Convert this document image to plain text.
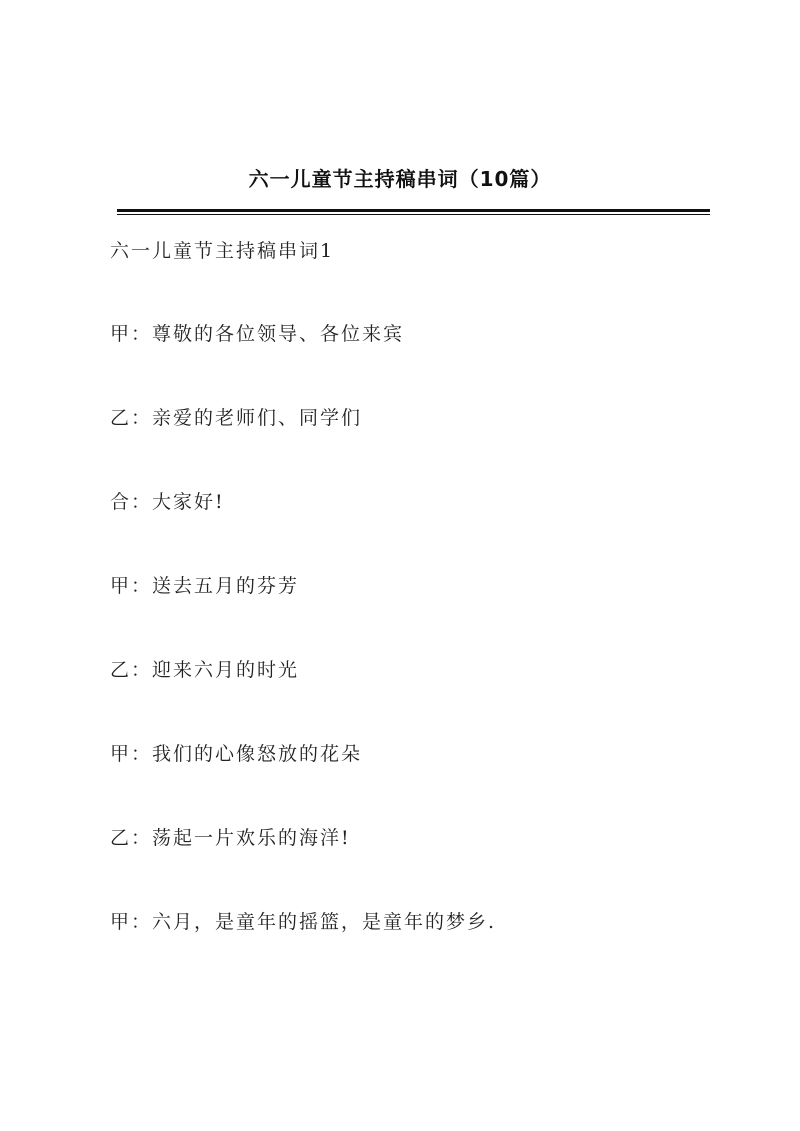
六一儿童节主持稿串词（10篇）
六一儿童节主持稿串词1
甲：尊敬的各位领导、各位来宾
乙：亲爱的老师们、同学们
合：大家好!
甲：送去五月的芬芳
乙：迎来六月的时光
甲：我们的心像怒放的花朵
乙：荡起一片欢乐的海洋!
甲：六月，是童年的摇篮，是童年的梦乡.
